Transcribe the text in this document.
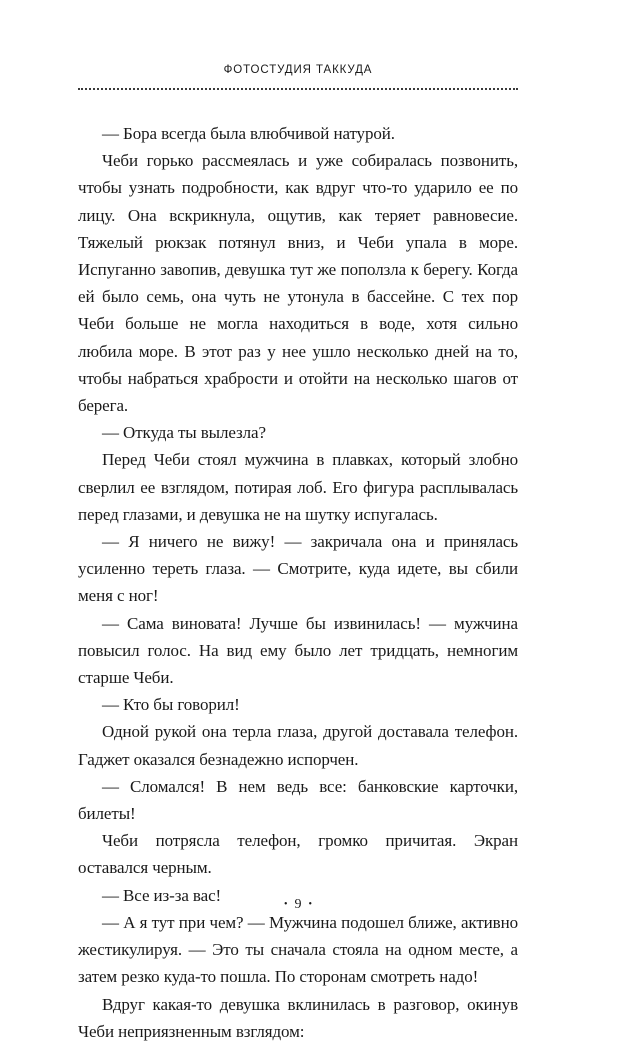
ФОТОСТУДИЯ ТАККУДА

— Бора всегда была влюбчивой натурой.

Чеби горько рассмеялась и уже собиралась позвонить, чтобы узнать подробности, как вдруг что-то ударило ее по лицу. Она вскрикнула, ощутив, как теряет равновесие. Тяжелый рюкзак потянул вниз, и Чеби упала в море. Испуганно завопив, девушка тут же поползла к берегу. Когда ей было семь, она чуть не утонула в бассейне. С тех пор Чеби больше не могла находиться в воде, хотя сильно любила море. В этот раз у нее ушло несколько дней на то, чтобы набраться храбрости и отойти на несколько шагов от берега.

— Откуда ты вылезла?

Перед Чеби стоял мужчина в плавках, который злобно сверлил ее взглядом, потирая лоб. Его фигура расплывалась перед глазами, и девушка не на шутку испугалась.

— Я ничего не вижу! — закричала она и принялась усиленно тереть глаза. — Смотрите, куда идете, вы сбили меня с ног!

— Сама виновата! Лучше бы извинилась! — мужчина повысил голос. На вид ему было лет тридцать, немногим старше Чеби.

— Кто бы говорил!

Одной рукой она терла глаза, другой доставала телефон. Гаджет оказался безнадежно испорчен.

— Сломался! В нем ведь все: банковские карточки, билеты!

Чеби потрясла телефон, громко причитая. Экран оставался черным.

— Все из-за вас!

— А я тут при чем? — Мужчина подошел ближе, активно жестикулируя. — Это ты сначала стояла на одном месте, а затем резко куда-то пошла. По сторонам смотреть надо!

Вдруг какая-то девушка вклинилась в разговор, окинув Чеби неприязненным взглядом:

• 9 •
